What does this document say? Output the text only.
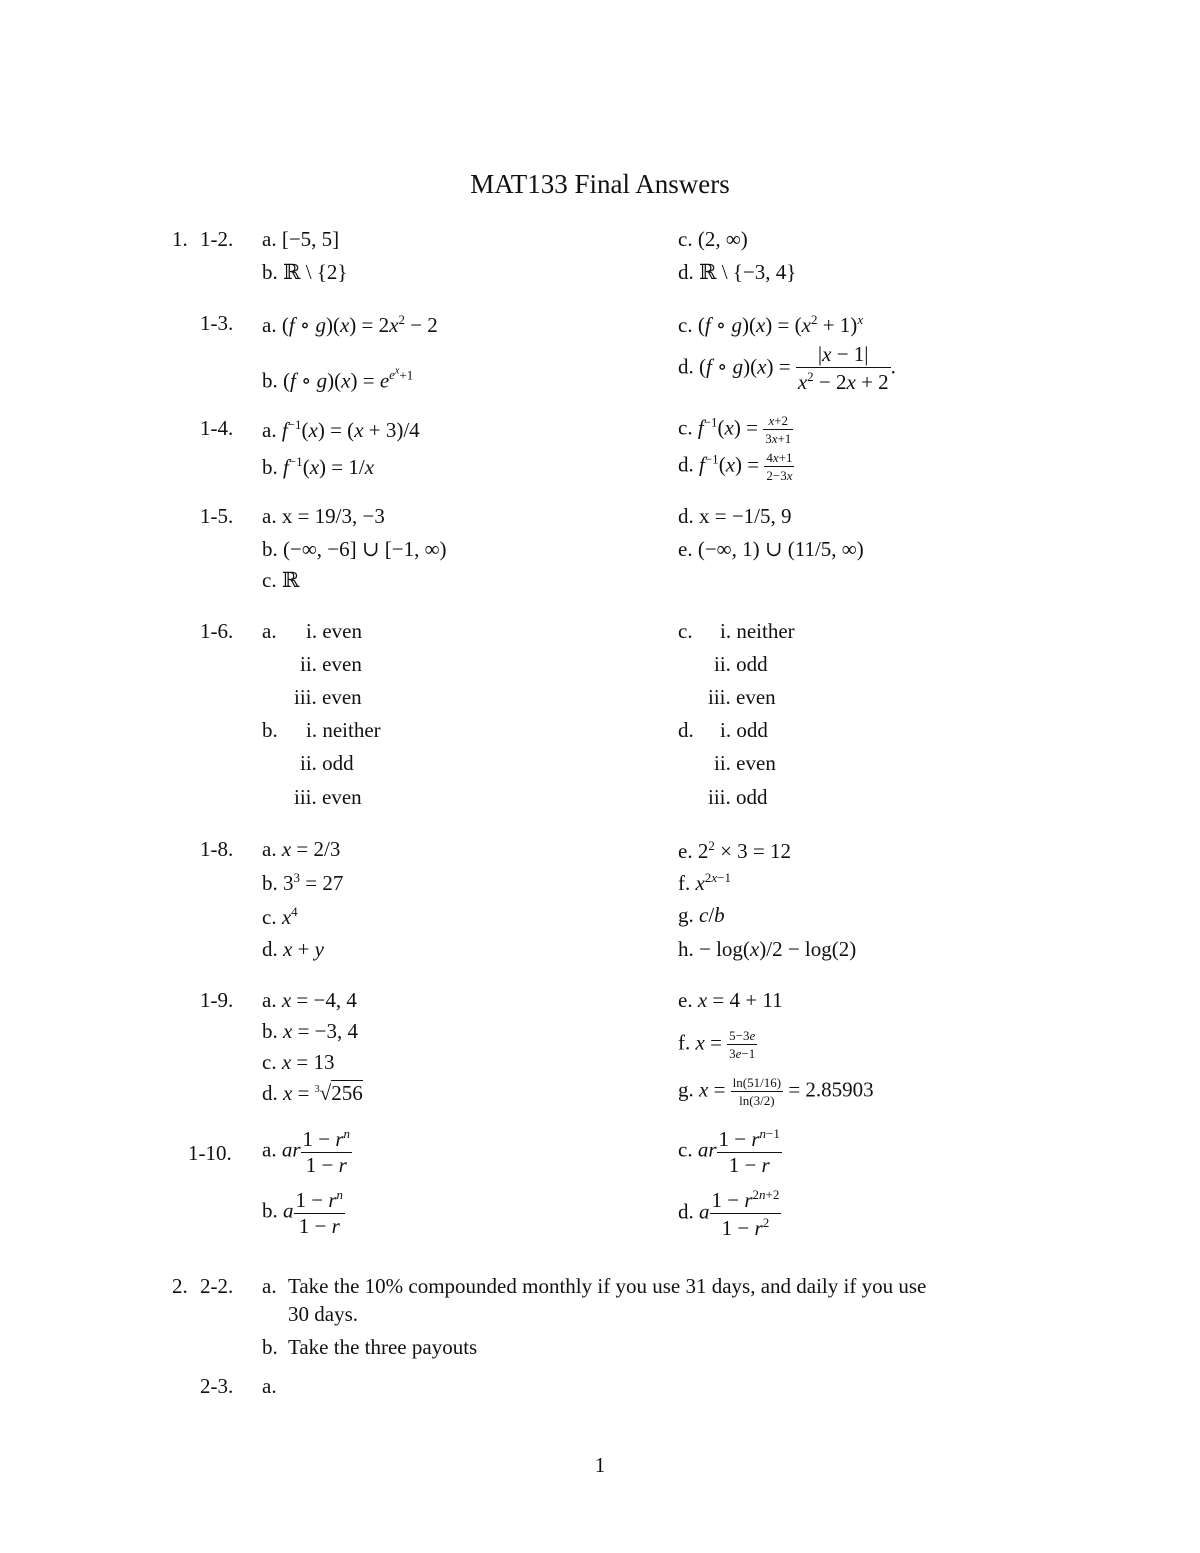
MAT133 Final Answers
1. 1-2. a. [−5, 5]
b. ℝ \ {2}
c. (2, ∞)
d. ℝ \ {−3, 4}
1-3. a. (f ∘ $g)(x) = 2x^2 - 2$
b. (f ∘ $g)(x) = e^{e^x+1}$
c. (f ∘ $g)(x) = (x^2 + 1)^x$
d. (f ∘ $g)(x) = \frac{|x - 1|}{x^2 - 2x + 2}$ .
1-4. a. $f^{-1}(x) = (x + 3)/4$
b. $f^{-1}(x) = 1/x$
c. $f^{-1}(x) = \frac{x+2}{3x+1}$
d. $f^{-1}(x) = \frac{4x+1}{2-3x}$
1-5. a. x = 19/3, −3
b. (−∞, −6] ∪ [−1, ∞)
c. ℝ
d. x = −1/5, 9
e. (−∞, 1) ∪ (11/5, ∞)
1-6. a. i. even
ii. even
iii. even
b. i. neither
ii. odd
iii. even
c. i. neither
ii. odd
iii. even
d. i. odd
ii. even
iii. odd
1-8. a. x = 2/3
b. $3^3 = 27$
c. $x^4$
d. x + y
e. $2^2 \times 3 = 12$
f. $x^{2x-1}$
g. c/b
h. − log(x)/2 − log(2)
1-9. a. x = −4, 4
b. x = −3, 4
c. x = 13
d. x = $^3$√256
e. x = 4 + 11
f. $x = \frac{5-3e}{3e-1}$
g. $x = \frac{\ln(51/16)}{\ln(3/2)} = 2.85903$
1-10. a. ar $\frac{1 - r^n}{1 - r}$
b. a $\frac{1 - r^n}{1 - r}$
c. ar $\frac{1 - r^{n-1}}{1 - r}$
d. a $\frac{1 - r^{2n+2}}{1 - r^2}$
2. 2-2. a. Take the 10% compounded monthly if you use 31 days, and daily if you use
30 days.
b. Take the three payouts
2-3. a.
1
